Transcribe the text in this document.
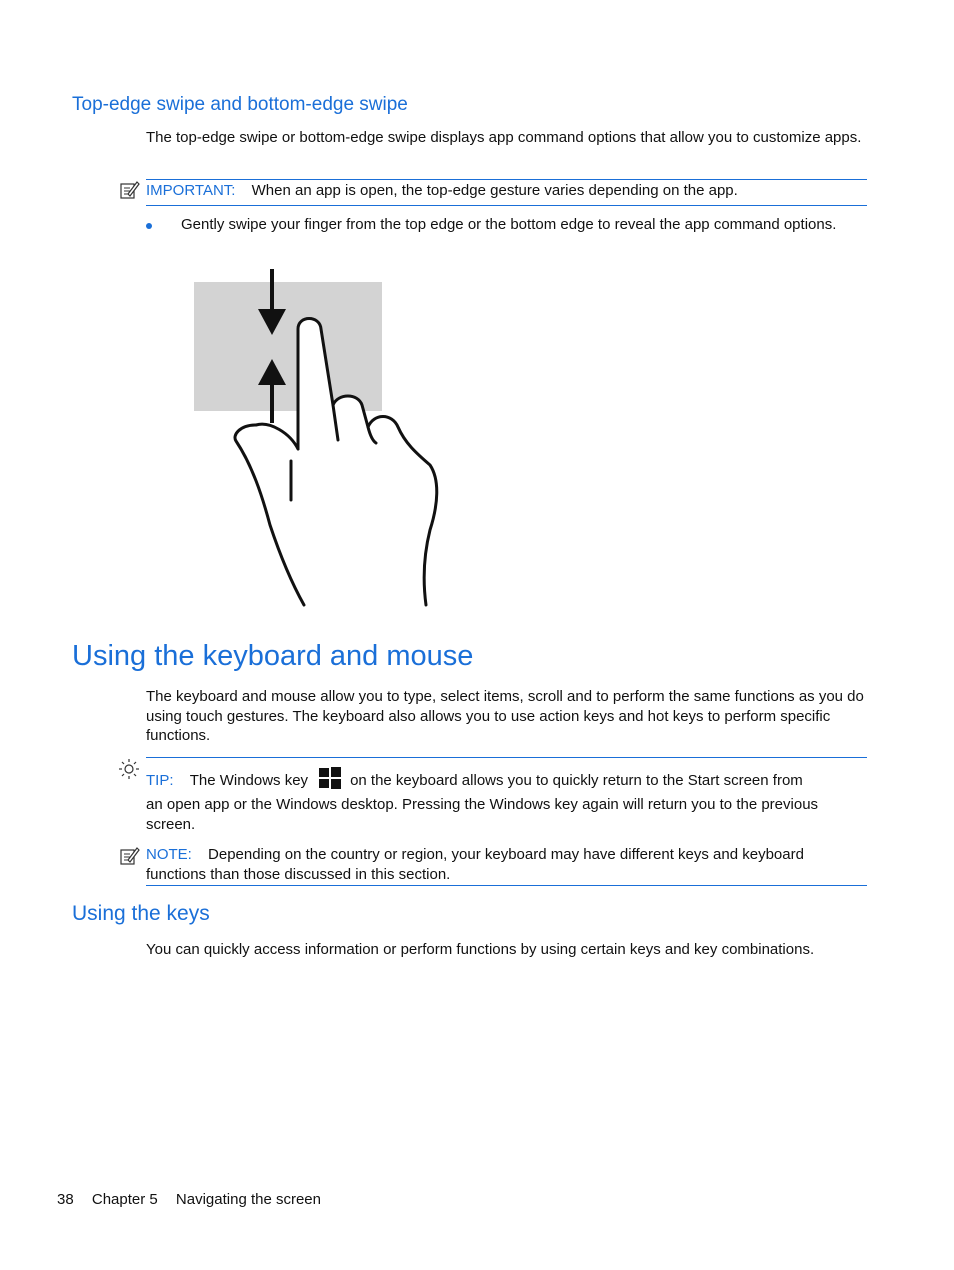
Top-edge swipe and bottom-edge swipe

The top-edge swipe or bottom-edge swipe displays app command options that allow you to customize apps.

IMPORTANT: When an app is open, the top-edge gesture varies depending on the app.

Gently swipe your finger from the top edge or the bottom edge to reveal the app command options.

Using the keyboard and mouse

The keyboard and mouse allow you to type, select items, scroll and to perform the same functions as you do using touch gestures. The keyboard also allows you to use action keys and hot keys to perform specific functions.

TIP: The Windows key	on the keyboard allows you to quickly return to the Start screen from

an open app or the Windows desktop. Pressing the Windows key again will return you to the previous screen.

NOTE: Depending on the country or region, your keyboard may have different keys and keyboard functions than those discussed in this section.
Using the keys

You can quickly access information or perform functions by using certain keys and key combinations.

38 Chapter 5 Navigating the screen
